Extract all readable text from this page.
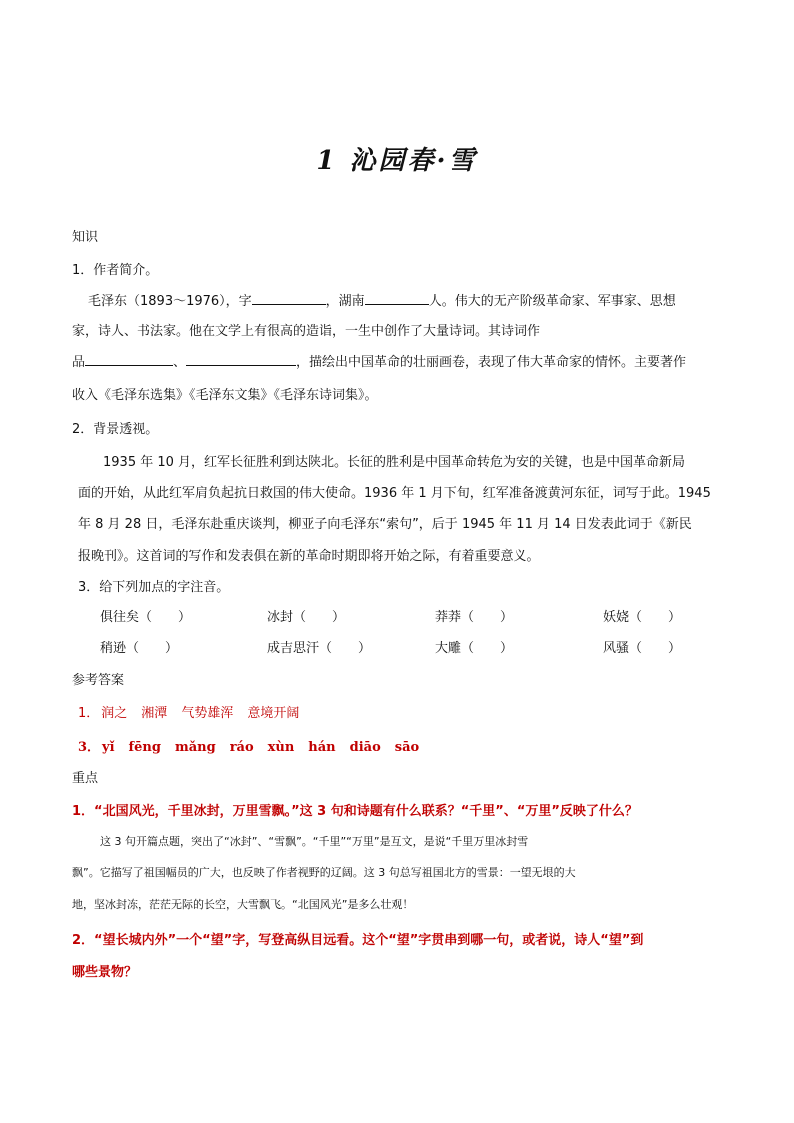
1 沁园春·雪
知识
1．作者简介。
毛泽东（1893～1976），字	，湖南	人。伟大的无产阶级革命家、军事家、思想
家，诗人、书法家。他在文学上有很高的造诣，一生中创作了大量诗词。其诗词作
品	、	，描绘出中国革命的壮丽画卷，表现了伟大革命家的情怀。主要著作
收入《毛泽东选集》《毛泽东文集》《毛泽东诗词集》。
2．背景透视。
1935 年 10 月，红军长征胜利到达陕北。长征的胜利是中国革命转危为安的关键，也是中国革命新局
面的开始，从此红军肩负起抗日救国的伟大使命。1936 年 1 月下旬，红军准备渡黄河东征，词写于此。1945
年 8 月 28 日，毛泽东赴重庆谈判，柳亚子向毛泽东“索句”，后于 1945 年 11 月 14 日发表此词于《新民
报晚刊》。这首词的写作和发表俱在新的革命时期即将开始之际，有着重要意义。
3．给下列加点的字注音。
俱往矣（　　）	冰封（　　）	莽莽（　　）	妖娆（　　）
稍逊（　　）	成吉思汗（　　）	大雕（　　）	风骚（　　）
参考答案
1． 润之 湘潭 气势雄浑 意境开阔
3． yǐ fēng mǎng ráo xùn hán diāo sāo
重点
1．“北国风光，千里冰封，万里雪飘。”这 3 句和诗题有什么联系？“千里”、“万里”反映了什么？
这 3 句开篇点题，突出了“冰封”、“雪飘”。“千里”“万里”是互文，是说“千里万里冰封雪
飘”。它描写了祖国幅员的广大，也反映了作者视野的辽阔。这 3 句总写祖国北方的雪景：一望无垠的大
地，坚冰封冻，茫茫无际的长空，大雪飘飞。“北国风光”是多么壮观！
2．“望长城内外”一个“望”字，写登高纵目远看。这个“望”字贯串到哪一句，或者说，诗人“望”到
哪些景物？
